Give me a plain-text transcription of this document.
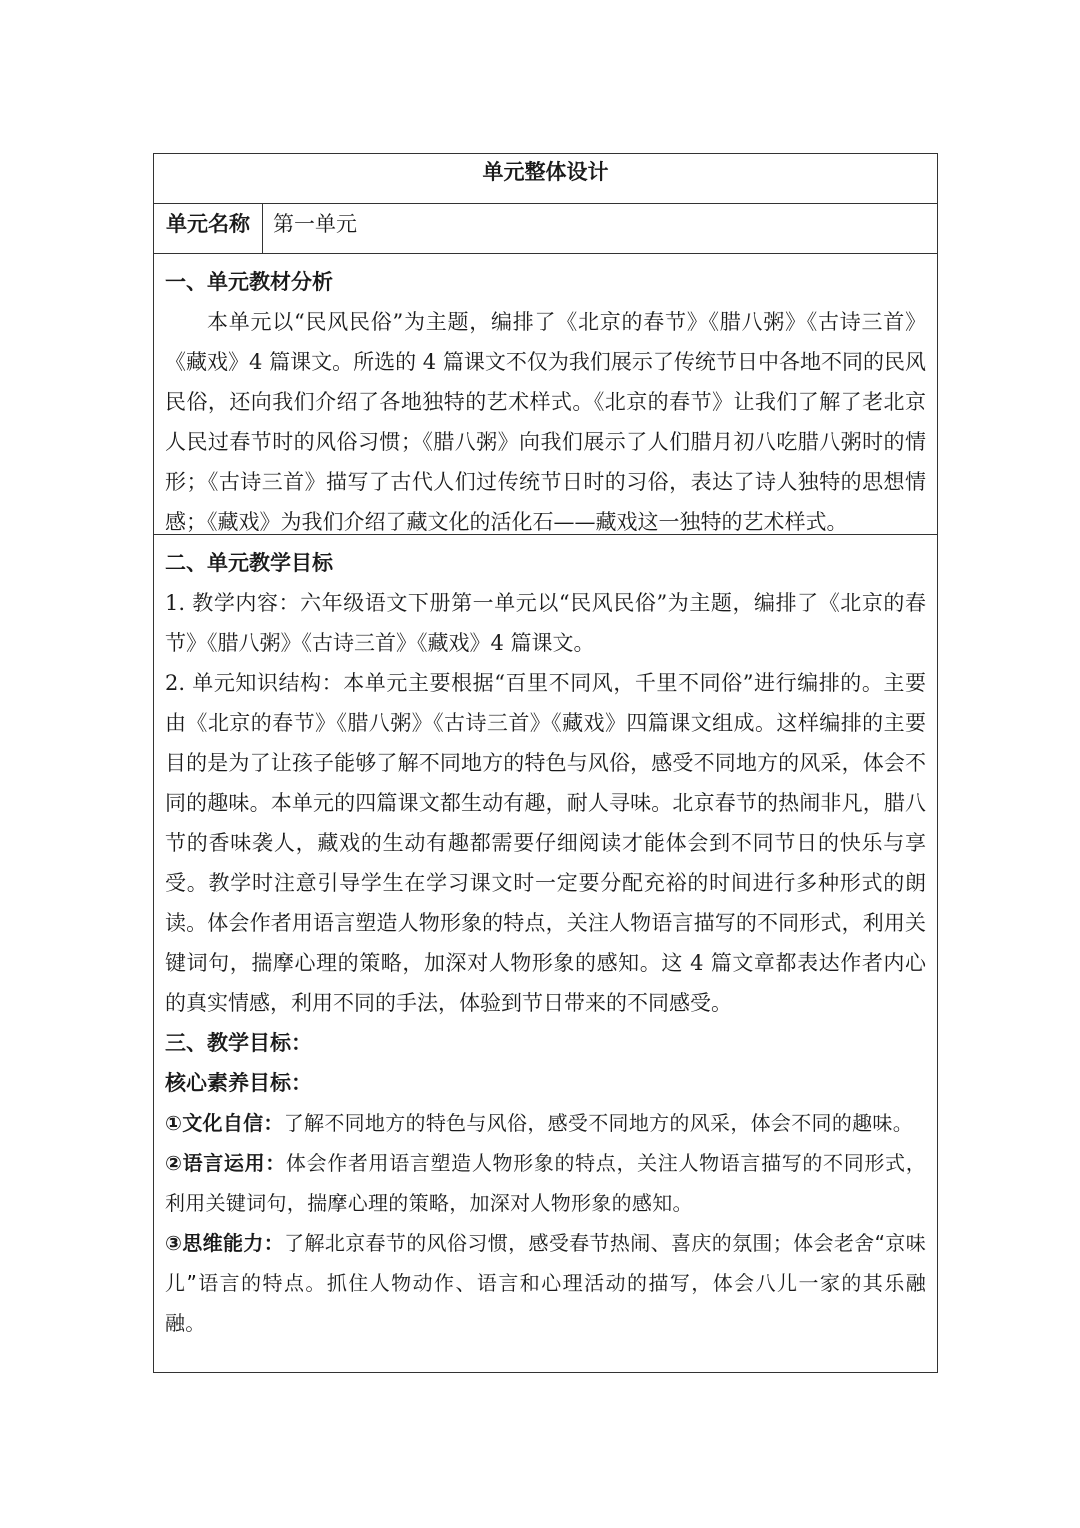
单元整体设计
单元名称	第一单元

一、单元教材分析

本单元以“民风民俗”为主题，编排了《北京的春节》《腊八粥》《古诗三首》《藏戏》4 篇课文。所选的 4 篇课文不仅为我们展示了传统节日中各地不同的民风民俗，还向我们介绍了各地独特的艺术样式。《北京的春节》让我们了解了老北京人民过春节时的风俗习惯；《腊八粥》向我们展示了人们腊月初八吃腊八粥时的情形；《古诗三首》描写了古代人们过传统节日时的习俗，表达了诗人独特的思想情感；《藏戏》为我们介绍了藏文化的活化石——藏戏这一独特的艺术样式。

二、单元教学目标

1. 教学内容：六年级语文下册第一单元以“民风民俗”为主题，编排了《北京的春节》《腊八粥》《古诗三首》《藏戏》4 篇课文。

2. 单元知识结构：本单元主要根据“百里不同风，千里不同俗”进行编排的。主要由《北京的春节》《腊八粥》《古诗三首》《藏戏》四篇课文组成。这样编排的主要目的是为了让孩子能够了解不同地方的特色与风俗，感受不同地方的风采，体会不同的趣味。本单元的四篇课文都生动有趣，耐人寻味。北京春节的热闹非凡，腊八节的香味袭人，藏戏的生动有趣都需要仔细阅读才能体会到不同节日的快乐与享受。教学时注意引导学生在学习课文时一定要分配充裕的时间进行多种形式的朗读。体会作者用语言塑造人物形象的特点，关注人物语言描写的不同形式，利用关键词句，揣摩心理的策略，加深对人物形象的感知。这 4 篇文章都表达作者内心的真实情感，利用不同的手法，体验到节日带来的不同感受。

三、教学目标：

核心素养目标：

①文化自信：了解不同地方的特色与风俗，感受不同地方的风采，体会不同的趣味。

②语言运用：体会作者用语言塑造人物形象的特点，关注人物语言描写的不同形式，利用关键词句，揣摩心理的策略，加深对人物形象的感知。

③思维能力：了解北京春节的风俗习惯，感受春节热闹、喜庆的氛围；体会老舍“京味儿”语言的特点。抓住人物动作、语言和心理活动的描写，体会八儿一家的其乐融融。
